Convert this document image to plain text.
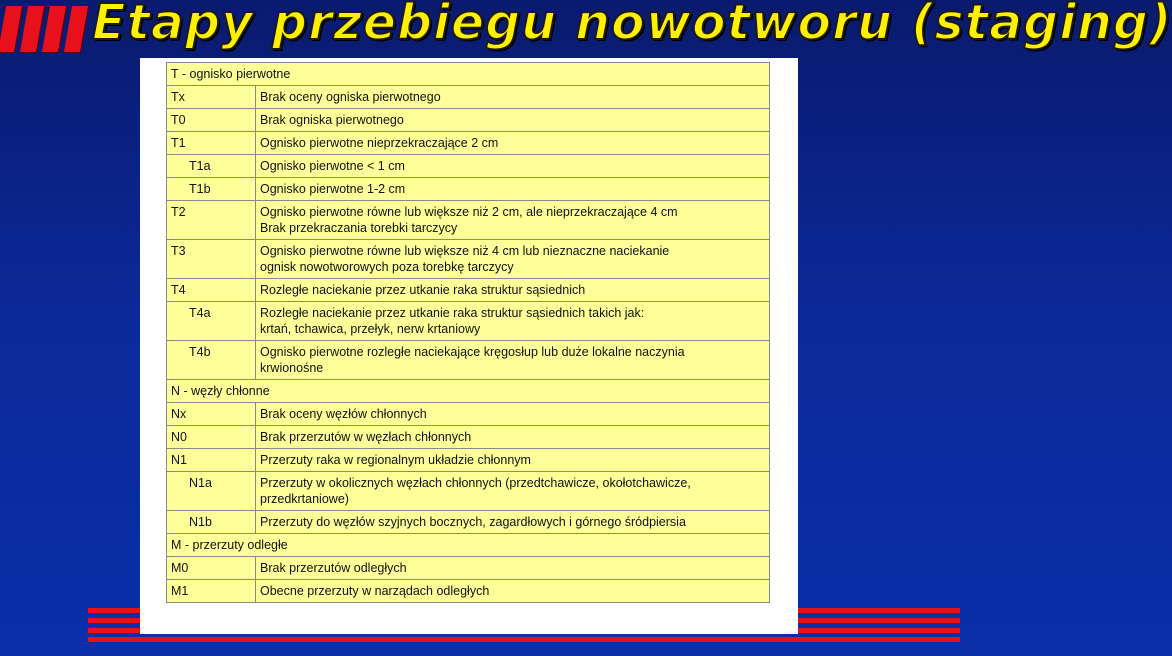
Etapy przebiegu nowotworu (staging)
T - ognisko pierwotne	
Tx	Brak oceny ogniska pierwotnego
T0	Brak ogniska pierwotnego
T1	Ognisko pierwotne nieprzekraczające 2 cm
T1a	Ognisko pierwotne < 1 cm
T1b	Ognisko pierwotne 1-2 cm
T2	Ognisko pierwotne równe lub większe niż 2 cm, ale nieprzekraczające 4 cm
Brak przekraczania torebki tarczycy
T3	Ognisko pierwotne równe lub większe niż 4 cm lub nieznaczne naciekanie
ognisk nowotworowych poza torebkę tarczycy
T4	Rozległe naciekanie przez utkanie raka struktur sąsiednich
T4a	Rozległe naciekanie przez utkanie raka struktur sąsiednich takich jak:
krtań, tchawica, przełyk, nerw krtaniowy
T4b	Ognisko pierwotne rozległe naciekające kręgosłup lub duże lokalne naczynia
krwionośne
N - węzły chłonne	
Nx	Brak oceny węzłów chłonnych
N0	Brak przerzutów w węzłach chłonnych
N1	Przerzuty raka w regionalnym układzie chłonnym
N1a	Przerzuty w okolicznych węzłach chłonnych (przedtchawicze, okołotchawicze,
przedkrtaniowe)
N1b	Przerzuty do węzłów szyjnych bocznych, zagardłowych i górnego śródpiersia
M - przerzuty odległe	
M0	Brak przerzutów odległych
M1	Obecne przerzuty w narządach odległych
